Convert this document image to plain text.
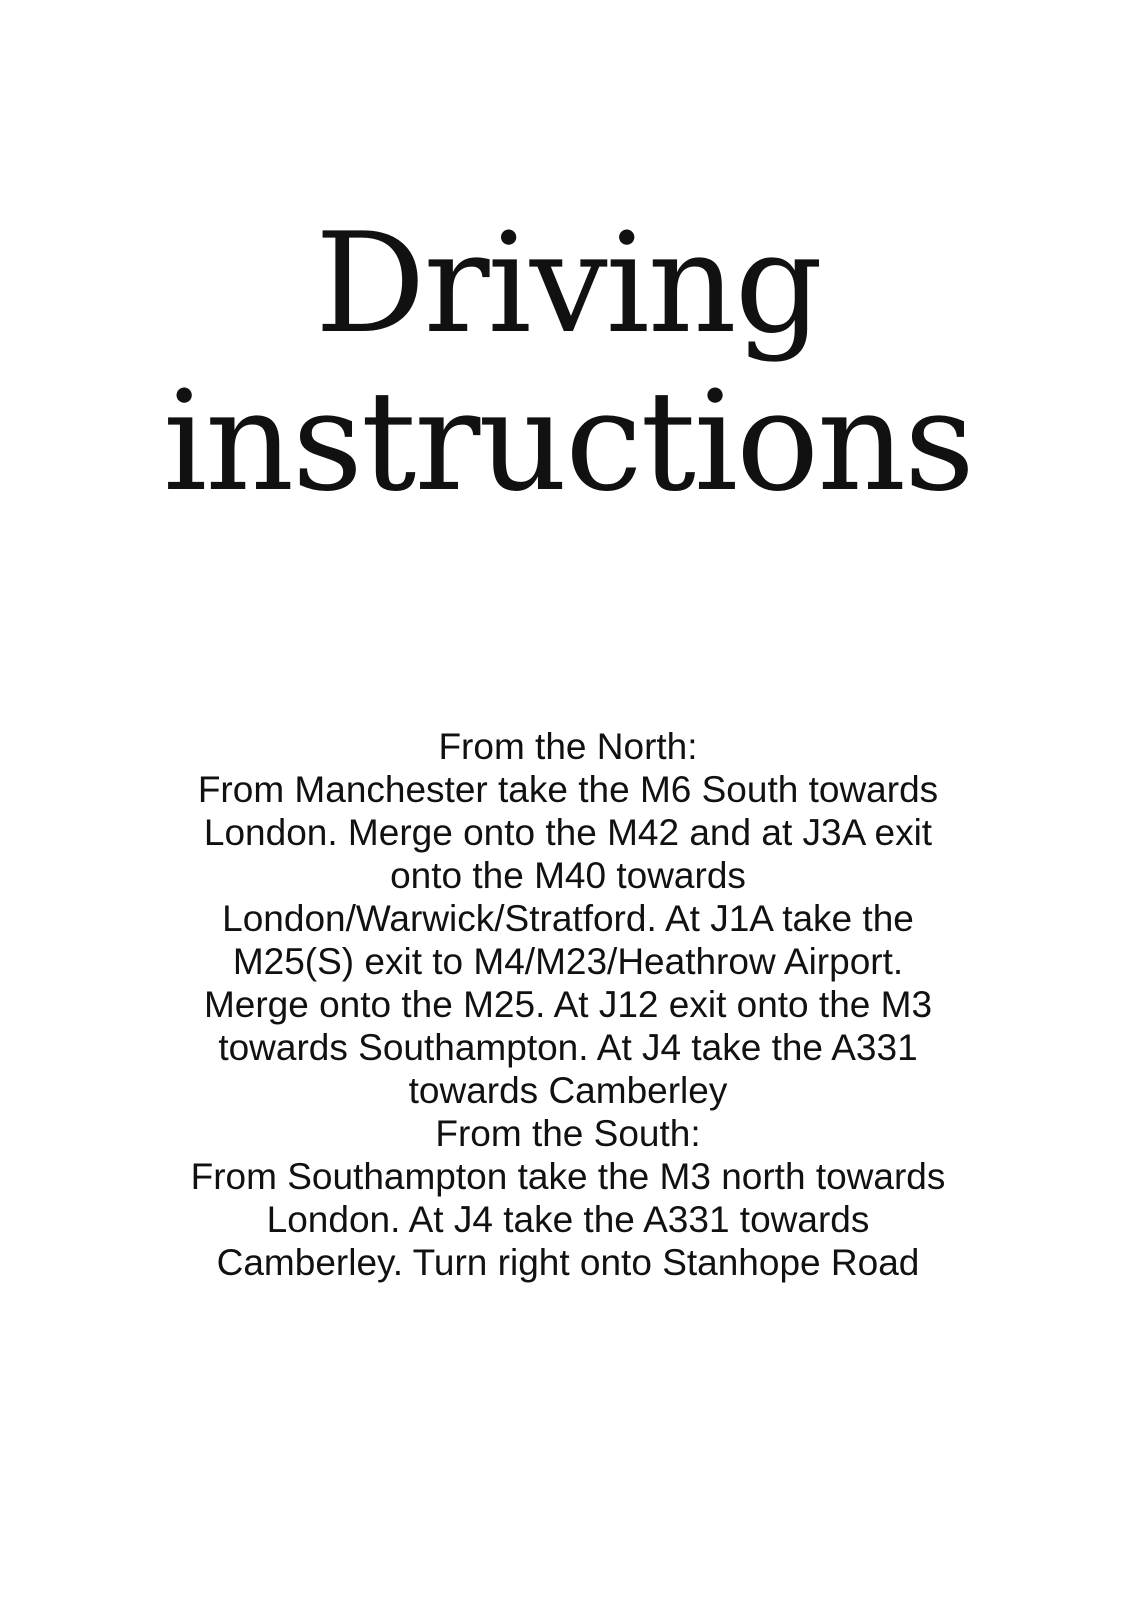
Driving
instructions
From the North:
From Manchester take the M6 South towards
London. Merge onto the M42 and at J3A exit
onto the M40 towards
London/Warwick/Stratford. At J1A take the
M25(S) exit to M4/M23/Heathrow Airport.
Merge onto the M25. At J12 exit onto the M3
towards Southampton. At J4 take the A331
towards Camberley
From the South:
From Southampton take the M3 north towards
London. At J4 take the A331 towards
Camberley. Turn right onto Stanhope Road
